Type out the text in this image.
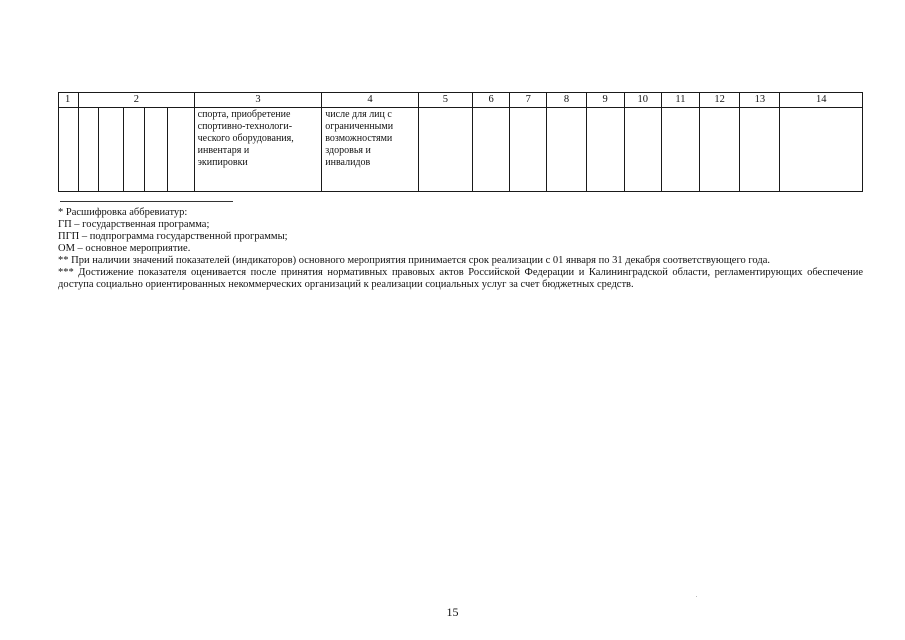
1	2					3	4	5	6	7	8	9	10	11	12	13	14

						спорта, приобретение
спортивно-технологи-
ческого оборудования,
инвентаря и
экипировки	числе для лиц с
ограниченными
возможностями
здоровья и
инвалидов										

* Расшифровка аббревиатур:

ГП – государственная программа;

ПГП – подпрограмма государственной программы;

ОМ – основное мероприятие.

** При наличии значений показателей (индикаторов) основного мероприятия принимается срок реализации с 01 января по 31 декабря соответствующего года.

*** Достижение показателя оценивается после принятия нормативных правовых актов Российской Федерации и Калининградской области, регламентирующих обеспечение доступа социально ориентированных некоммерческих организаций к реализации социальных услуг за счет бюджетных средств.

15
